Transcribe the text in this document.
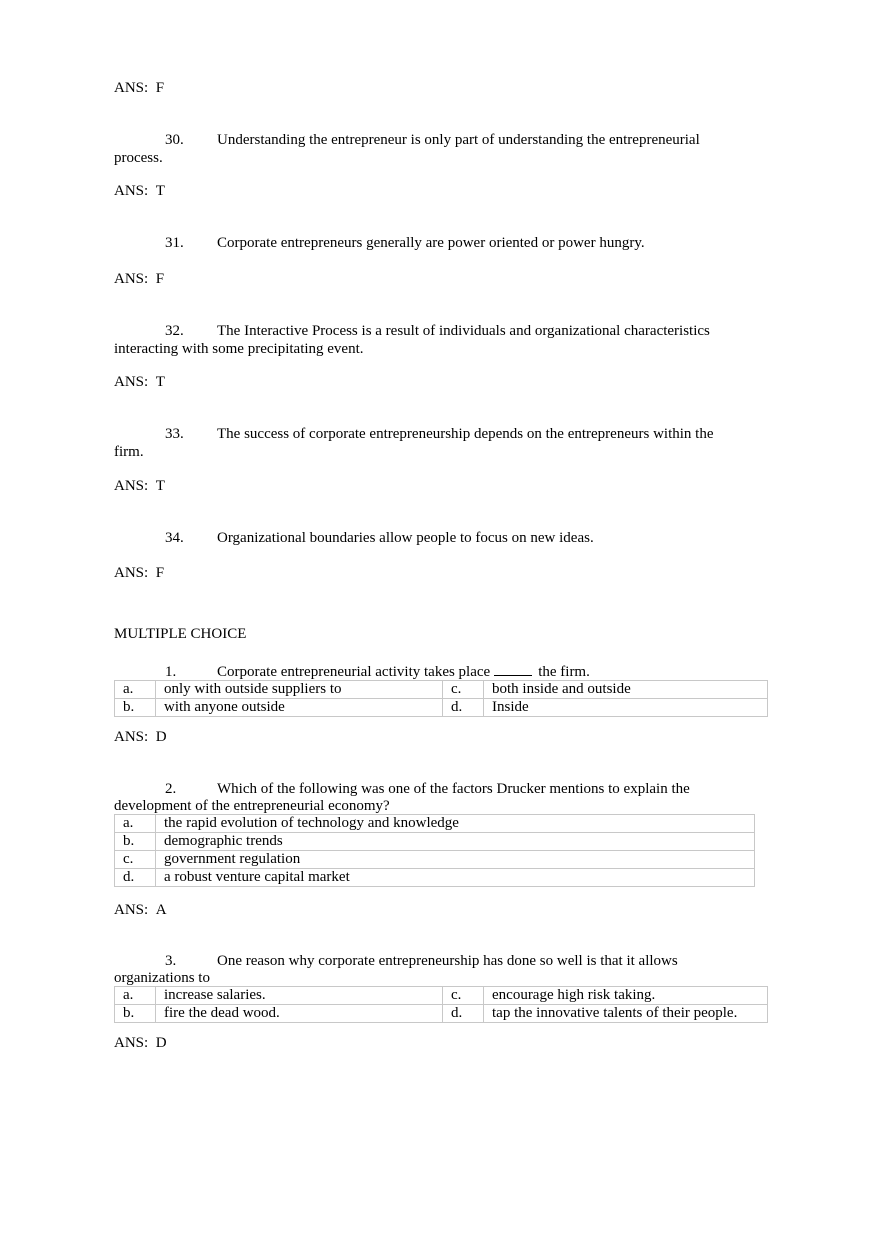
ANS: F
30. Understanding the entrepreneur is only part of understanding the entrepreneurial
process.
ANS: T
31. Corporate entrepreneurs generally are power oriented or power hungry.
ANS: F
32. The Interactive Process is a result of individuals and organizational characteristics
interacting with some precipitating event.
ANS: T
33. The success of corporate entrepreneurship depends on the entrepreneurs within the
firm.
ANS: T
34. Organizational boundaries allow people to focus on new ideas.
ANS: F
MULTIPLE CHOICE
1.	Corporate entrepreneurial activity takes place	the firm.
a.	only with outside suppliers to	c.	both inside and outside
b.	with anyone outside	d.	Inside
ANS: D
2.	Which of the following was one of the factors Drucker mentions to explain the
development of the entrepreneurial economy?
a.	the rapid evolution of technology and knowledge
b.	demographic trends
c.	government regulation
d.	a robust venture capital market
ANS: A
3.	One reason why corporate entrepreneurship has done so well is that it allows
organizations to
a.	increase salaries.	c.	encourage high risk taking.
b.	fire the dead wood.	d.	tap the innovative talents of their people.
ANS: D
